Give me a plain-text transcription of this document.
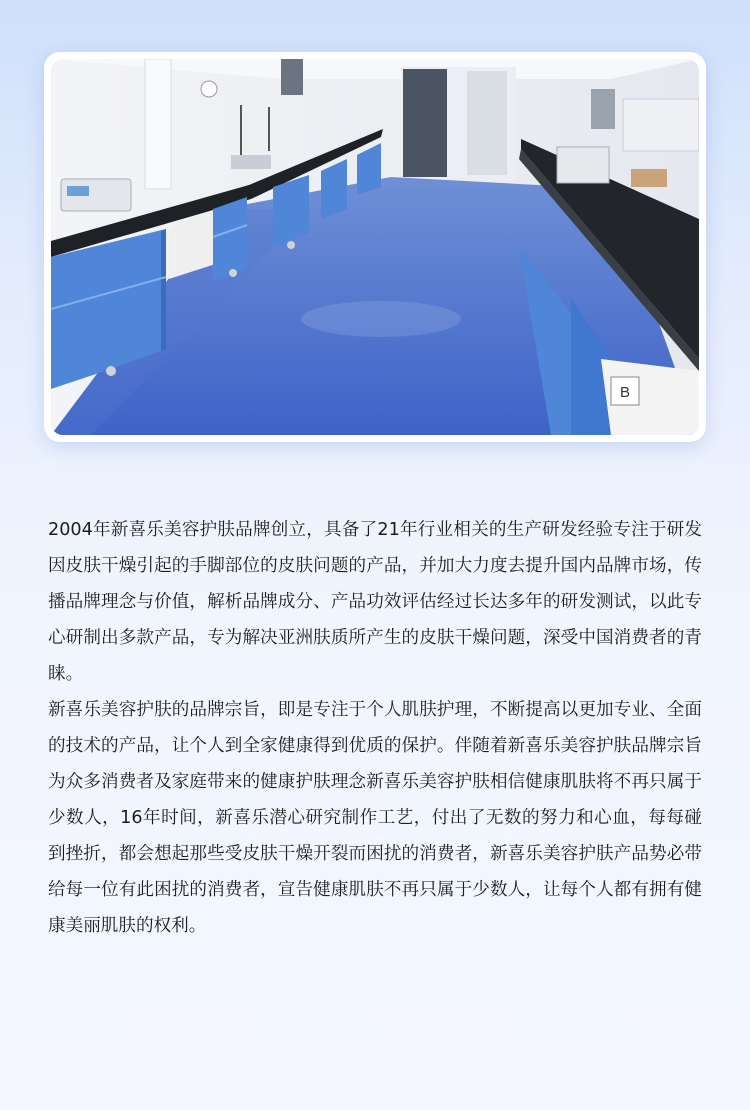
B

2004年新喜乐美容护肤品牌创立，具备了21年行业相关的生产研发经验专注于研发因皮肤干燥引起的手脚部位的皮肤问题的产品，并加大力度去提升国内品牌市场，传播品牌理念与价值，解析品牌成分、产品功效评估经过长达多年的研发测试，以此专心研制出多款产品，专为解决亚洲肤质所产生的皮肤干燥问题，深受中国消费者的青睐。

新喜乐美容护肤的品牌宗旨，即是专注于个人肌肤护理，不断提高以更加专业、全面的技术的产品，让个人到全家健康得到优质的保护。伴随着新喜乐美容护肤品牌宗旨为众多消费者及家庭带来的健康护肤理念新喜乐美容护肤相信健康肌肤将不再只属于少数人，16年时间，新喜乐潜心研究制作工艺，付出了无数的努力和心血，每每碰到挫折，都会想起那些受皮肤干燥开裂而困扰的消费者，新喜乐美容护肤产品势必带给每一位有此困扰的消费者，宣告健康肌肤不再只属于少数人，让每个人都有拥有健康美丽肌肤的权利。
